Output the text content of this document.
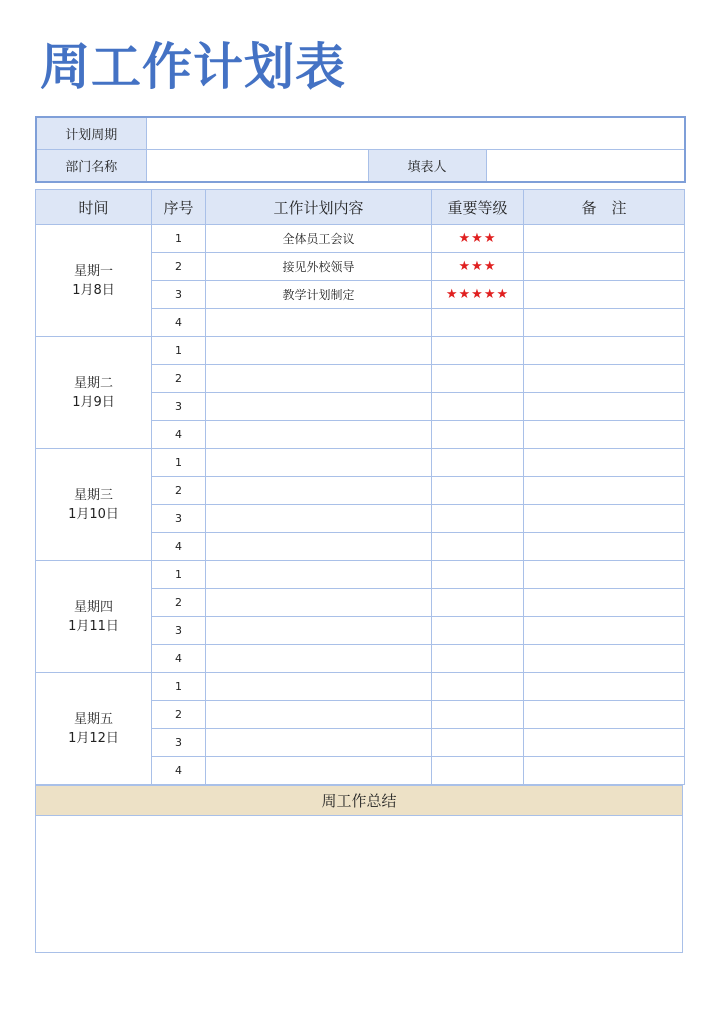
周工作计划表
计划周期			
部门名称		填表人	
时间	序号	工作计划内容	重要等级	备　注

星期一
1月8日	1	全体员工会议	★★★	
	2	接见外校领导	★★★	
	3	教学计划制定	★★★★★	
	4			

星期二
1月9日	1			
	2			
	3			
	4			

星期三
1月10日	1			
	2			
	3			
	4			

星期四
1月11日	1			
	2			
	3			
	4			

星期五
1月12日	1			
	2			
	3			
	4			
周工作总结
